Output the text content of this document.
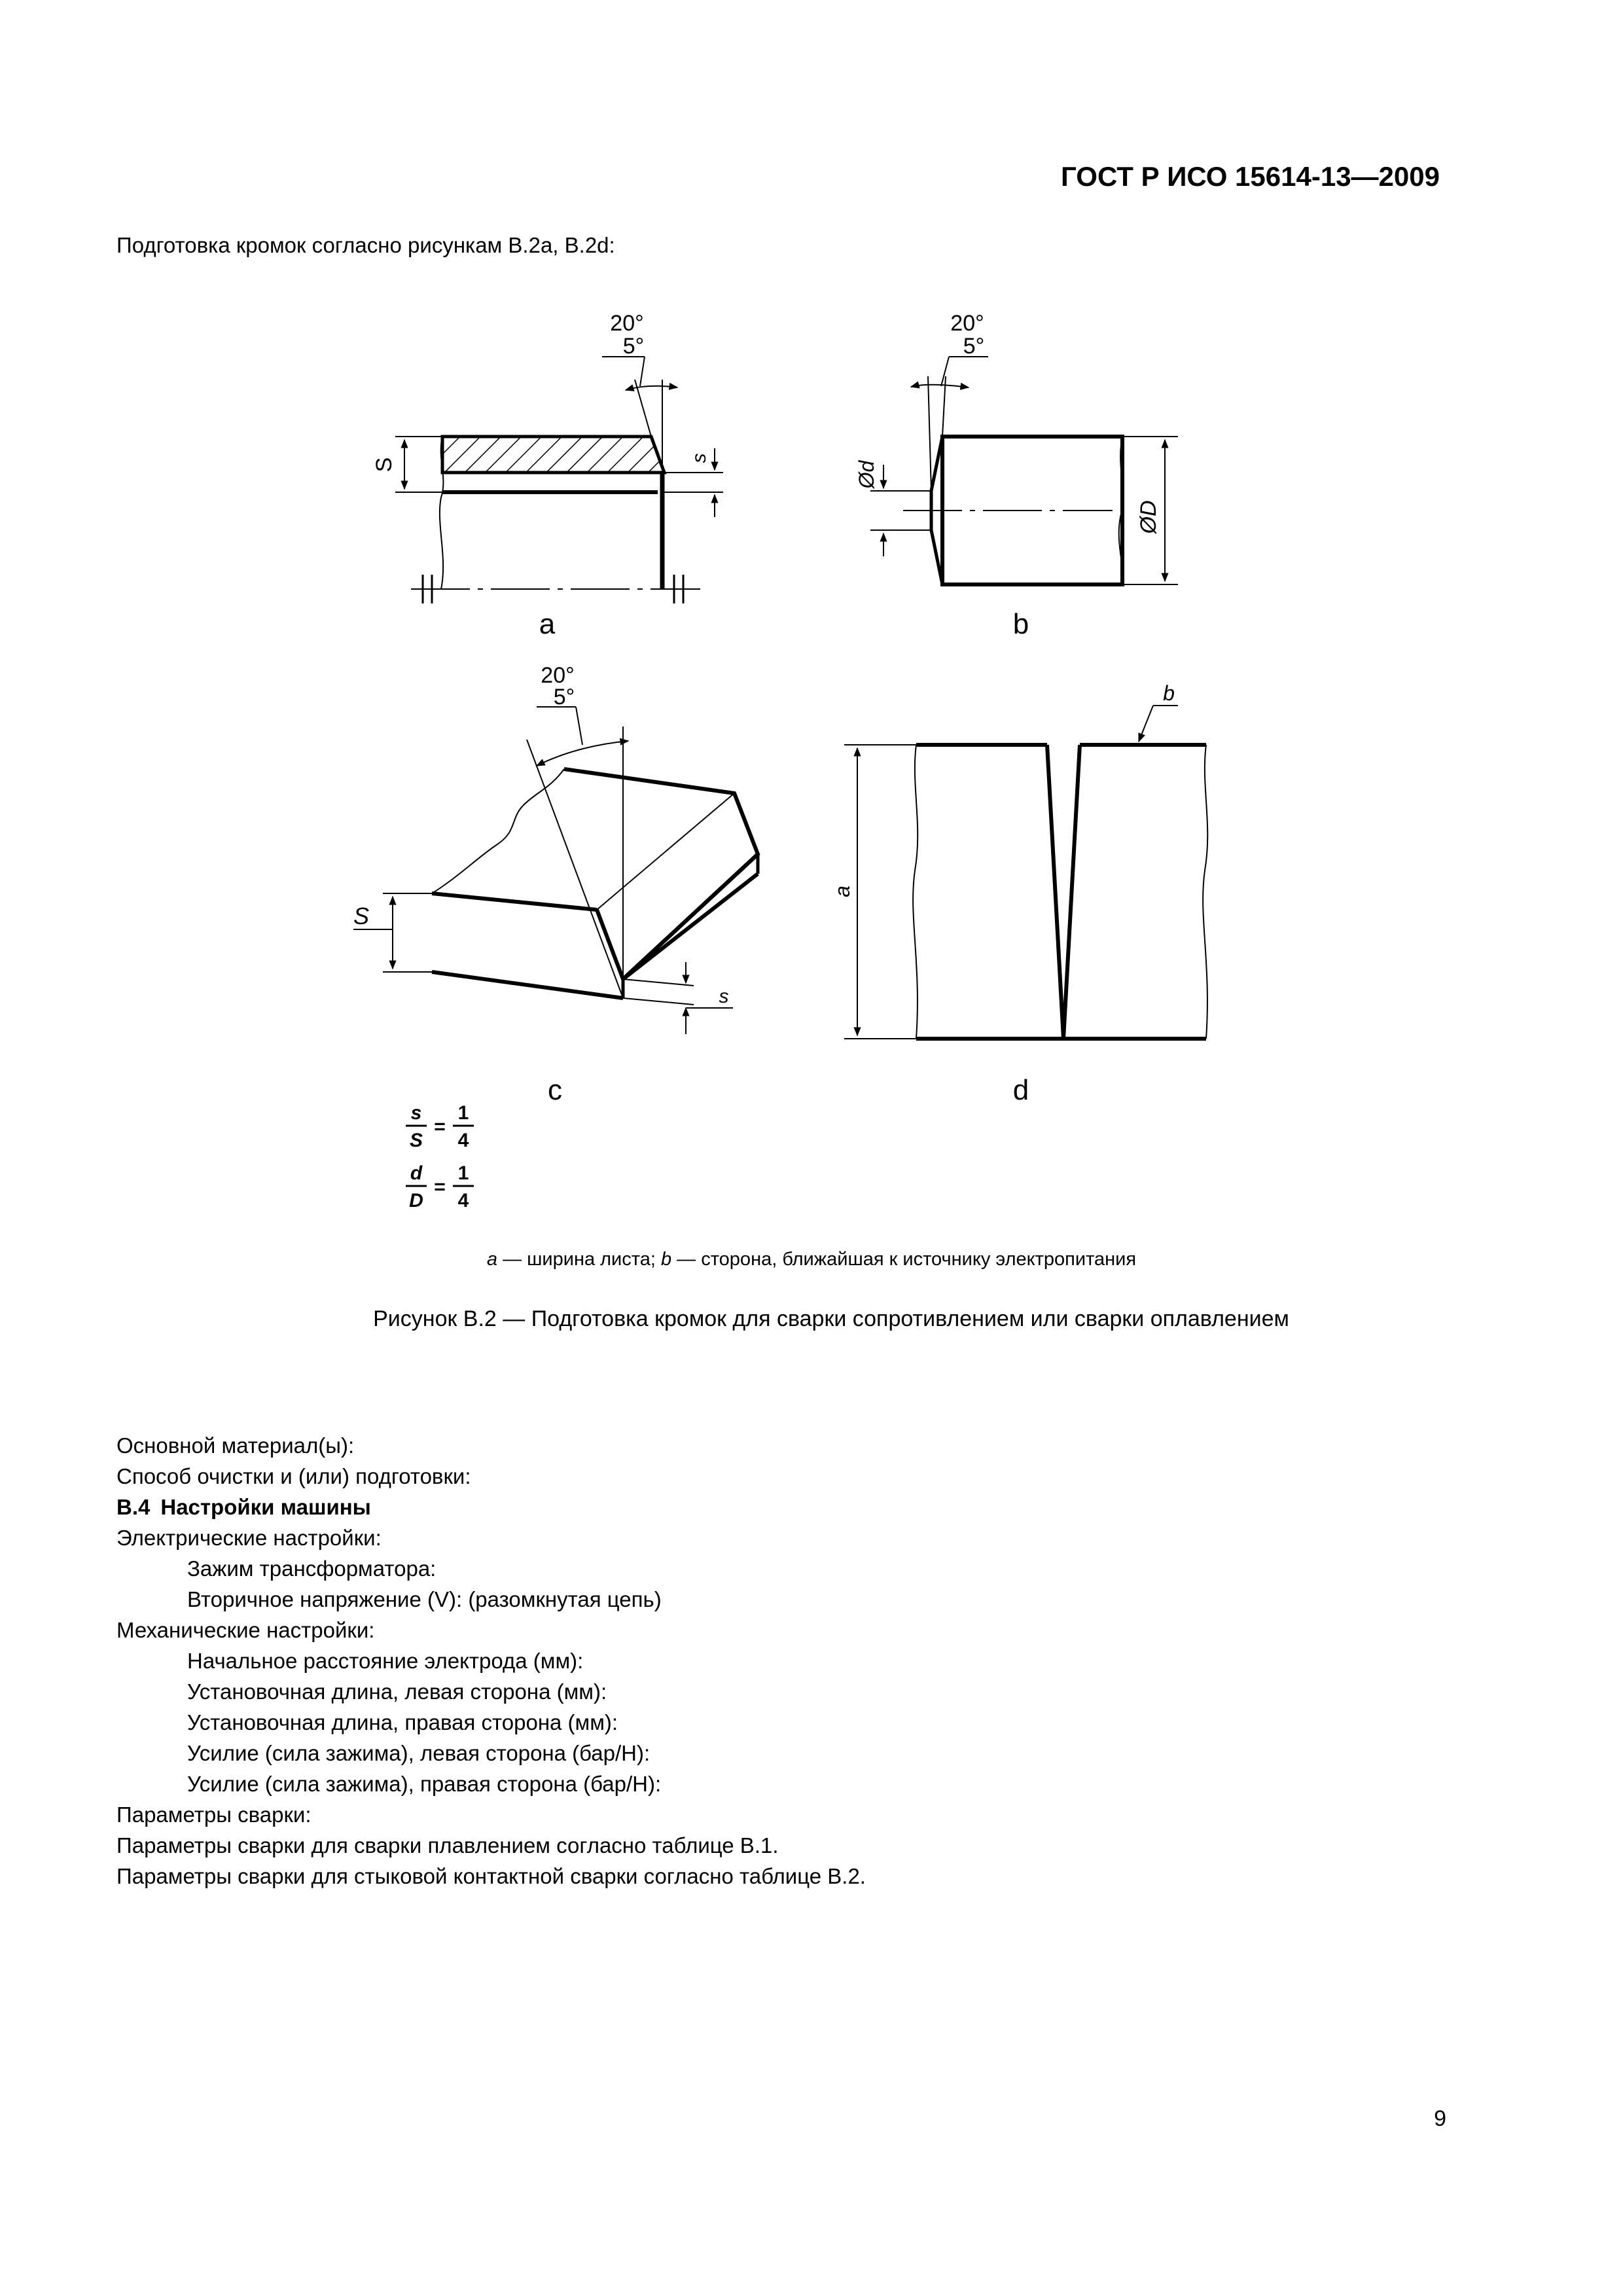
ГОСТ Р ИСО 15614-13—2009
Подготовка кромок согласно рисункам B.2a, B.2d:
20°
5°
S	s
a
20°
5°
Ød
ØD
b
20°
5°
S
s
c
a
b
d
s
S
=
1
4
d
D
=
1
4
a — ширина листа; b — сторона, ближайшая к источнику электропитания
Рисунок B.2 — Подготовка кромок для сварки сопротивлением или сварки оплавлением
Основной материал(ы):
Способ очистки и (или) подготовки:
B.4 Настройки машины
Электрические настройки:
Зажим трансформатора:
Вторичное напряжение (V): (разомкнутая цепь)
Механические настройки:
Начальное расстояние электрода (мм):
Установочная длина, левая сторона (мм):
Установочная длина, правая сторона (мм):
Усилие (сила зажима), левая сторона (бар/Н):
Усилие (сила зажима), правая сторона (бар/Н):
Параметры сварки:
Параметры сварки для сварки плавлением согласно таблице B.1.
Параметры сварки для стыковой контактной сварки согласно таблице B.2.
9
